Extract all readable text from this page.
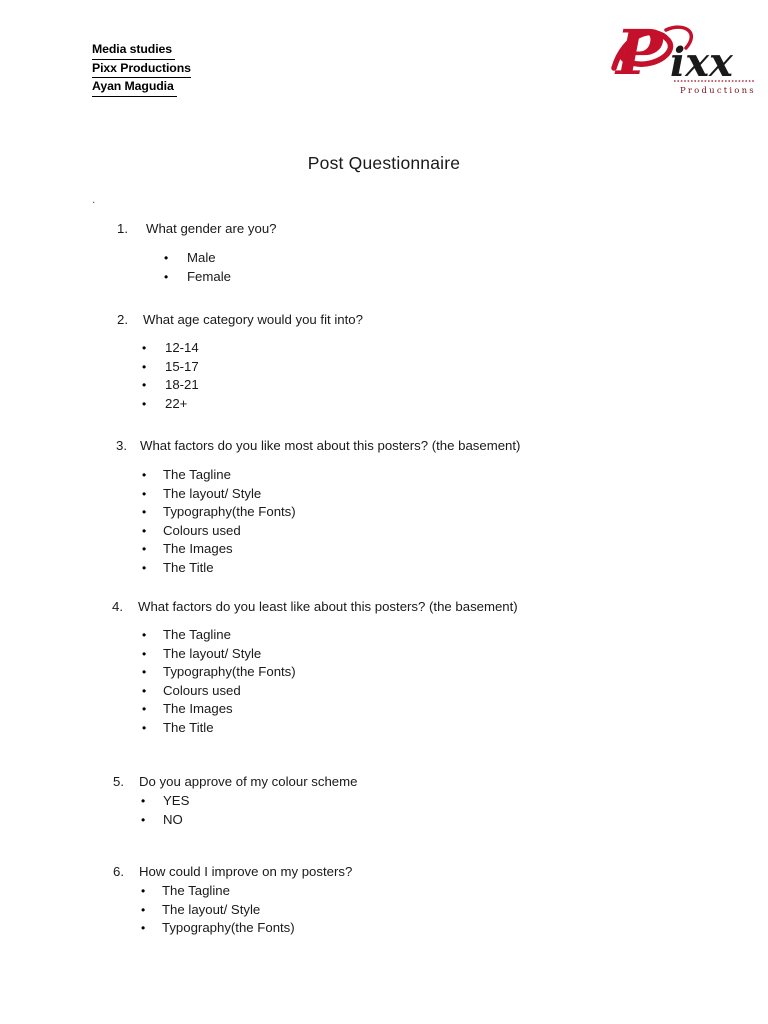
Media studies
Pixx Productions
Ayan Magudia	P ixx
Productions
Post Questionnaire
.
1.	What gender are you?
• Male
• Female
2.	What age category would you fit into?
• 12-14
• 15-17
• 18-21
• 22+
3. What factors do you like most about this posters? (the basement)
• The Tagline
• The layout/ Style
• Typography(the Fonts)
• Colours used
• The Images
• The Title
4.	What factors do you least like about this posters? (the basement)
• The Tagline
• The layout/ Style
• Typography(the Fonts)
• Colours used
• The Images
• The Title
5.	Do you approve of my colour scheme
• YES
• NO
6.	How could I improve on my posters?
• The Tagline
• The layout/ Style
• Typography(the Fonts)
